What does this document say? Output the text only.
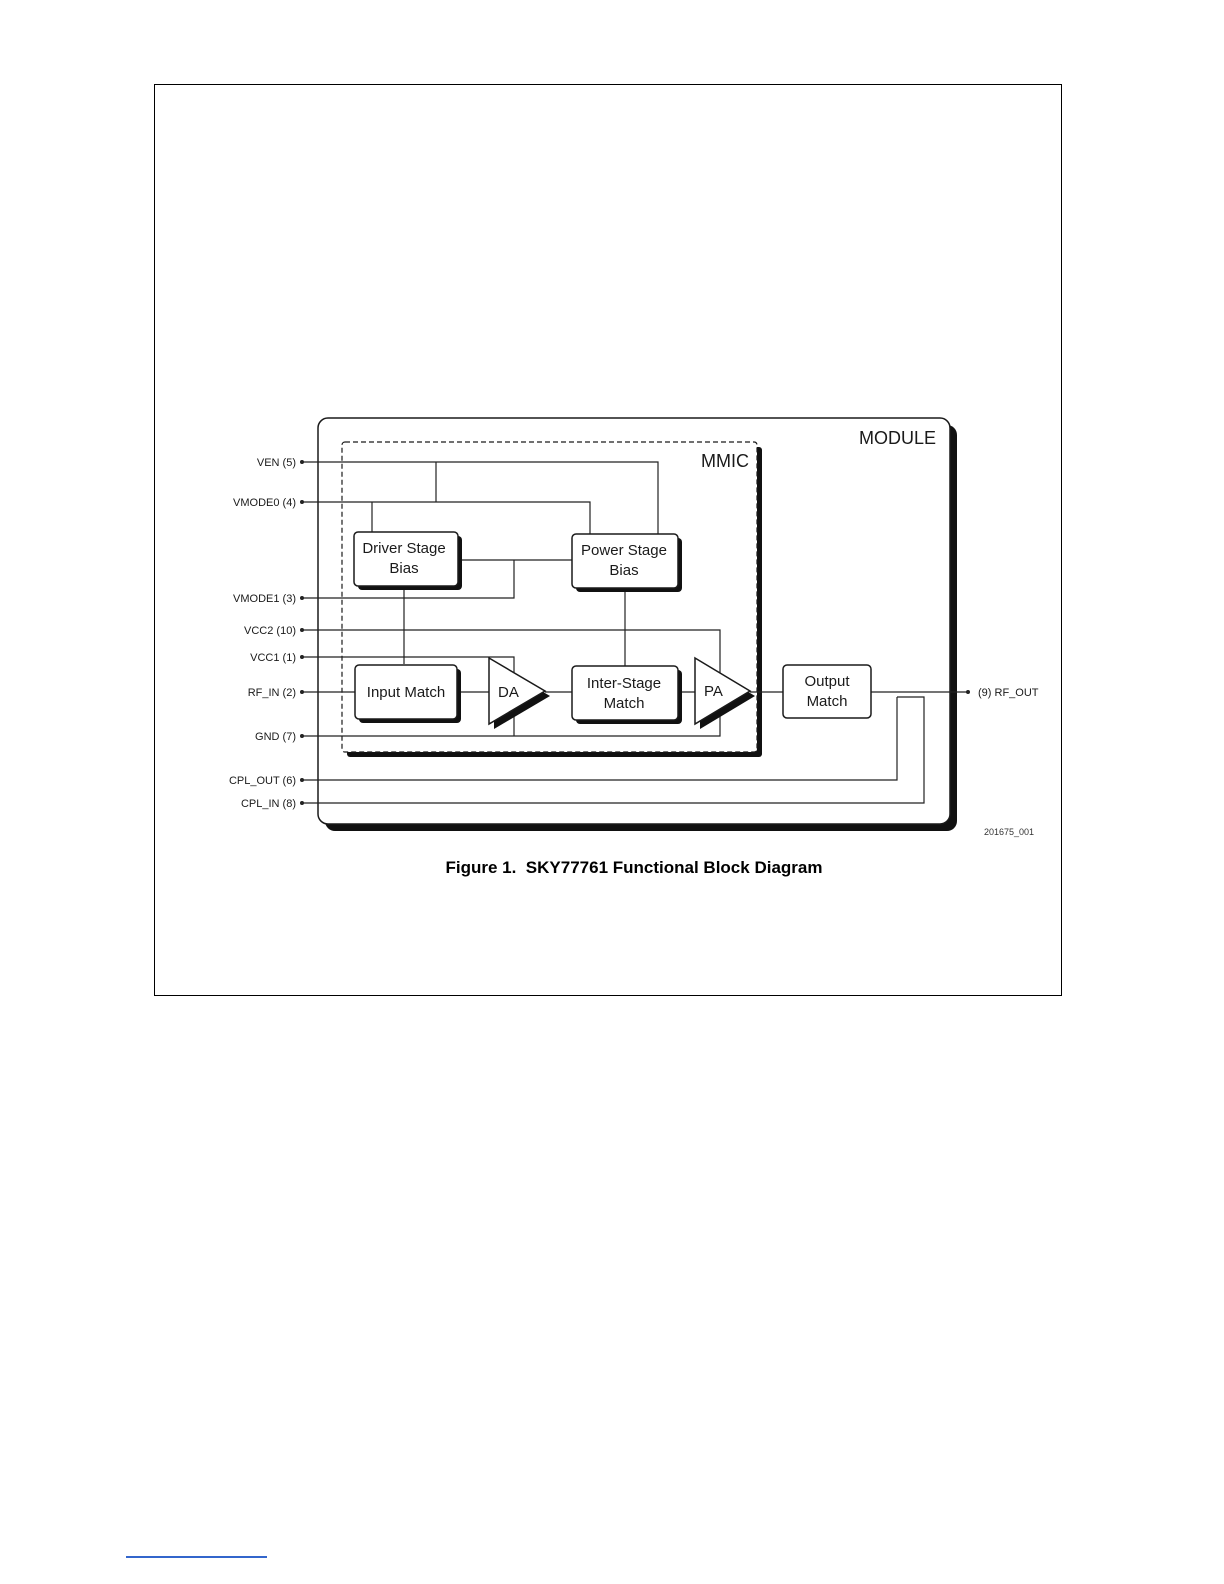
MODULE
MMIC
VEN (5)
VMODE0 (4)
VMODE1 (3)
VCC2 (10)
VCC1 (1)
RF_IN (2)
GND (7)
CPL_OUT (6)
CPL_IN (8)
(9) RF_OUT
Driver Stage
Bias
Power Stage
Bias
Input Match	DA
Inter-Stage
Match
PA
Output
Match
201675_001
Figure 1.  SKY77761 Functional Block Diagram
